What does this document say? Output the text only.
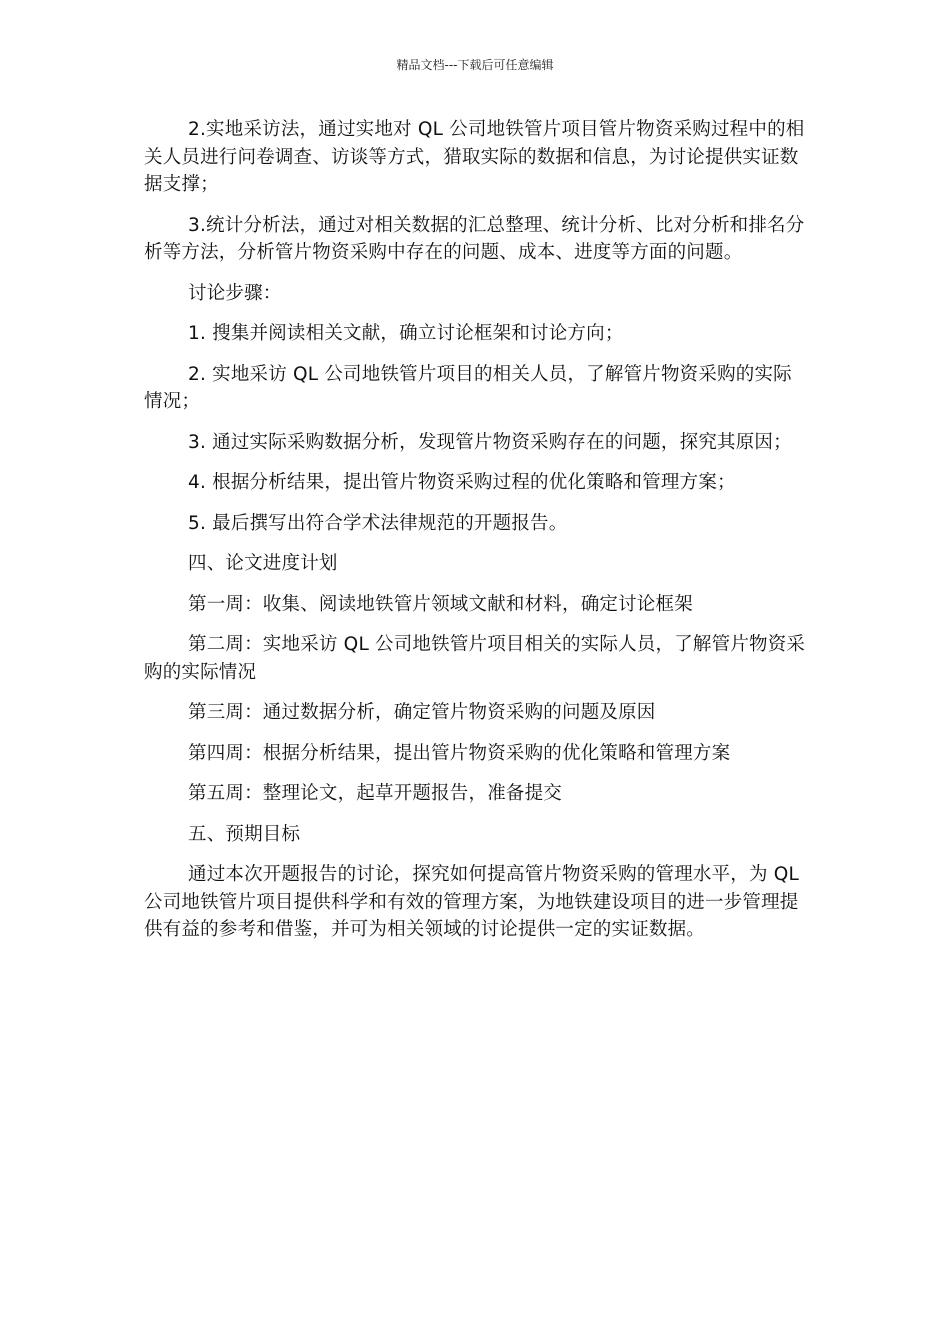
精品文档---下载后可任意编辑

2.实地采访法，通过实地对 QL 公司地铁管片项目管片物资采购过程中的相关人员进行问卷调查、访谈等方式，猎取实际的数据和信息，为讨论提供实证数据支撑；

3.统计分析法，通过对相关数据的汇总整理、统计分析、比对分析和排名分析等方法，分析管片物资采购中存在的问题、成本、进度等方面的问题。

讨论步骤：

1. 搜集并阅读相关文献，确立讨论框架和讨论方向；

2. 实地采访 QL 公司地铁管片项目的相关人员，了解管片物资采购的实际情况；

3. 通过实际采购数据分析，发现管片物资采购存在的问题，探究其原因；

4. 根据分析结果，提出管片物资采购过程的优化策略和管理方案；

5. 最后撰写出符合学术法律规范的开题报告。

四、论文进度计划

第一周：收集、阅读地铁管片领域文献和材料，确定讨论框架

第二周：实地采访 QL 公司地铁管片项目相关的实际人员，了解管片物资采购的实际情况

第三周：通过数据分析，确定管片物资采购的问题及原因

第四周：根据分析结果，提出管片物资采购的优化策略和管理方案

第五周：整理论文，起草开题报告，准备提交

五、预期目标

通过本次开题报告的讨论，探究如何提高管片物资采购的管理水平，为 QL 公司地铁管片项目提供科学和有效的管理方案，为地铁建设项目的进一步管理提供有益的参考和借鉴，并可为相关领域的讨论提供一定的实证数据。
